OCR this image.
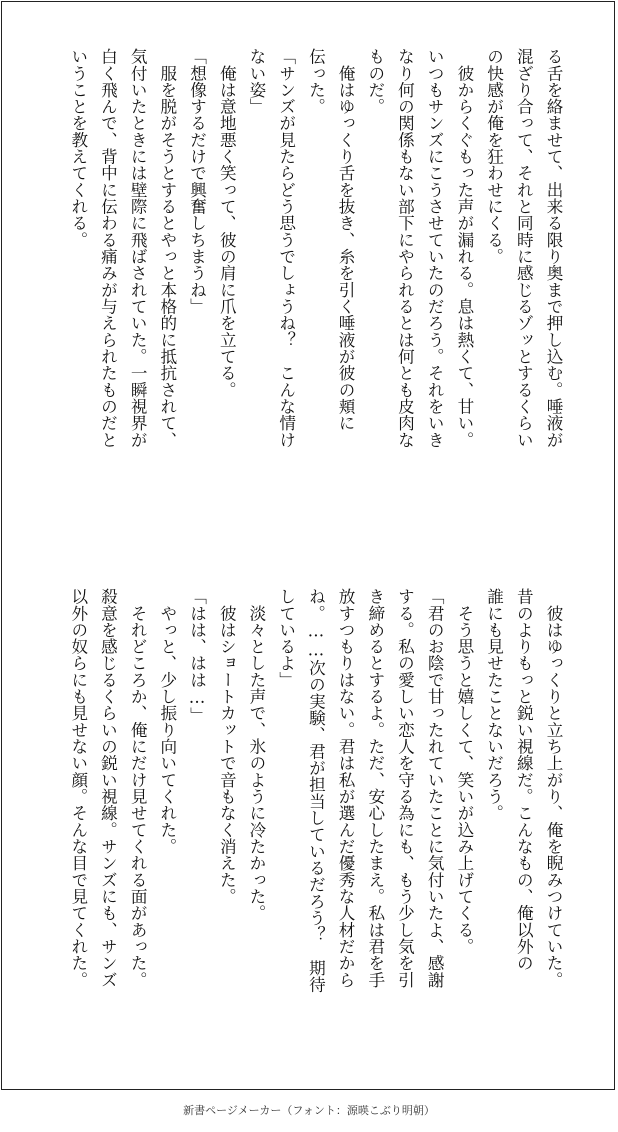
る舌を絡ませて、出来る限り奥まで押し込む。唾液が
混ざり合って、それと同時に感じるゾッとするくらい
の快感が俺を狂わせにくる。
　彼からくぐもった声が漏れる。息は熱くて、甘い。
いつもサンズにこうさせていたのだろう。それをいき
なり何の関係もない部下にやられるとは何とも皮肉な
ものだ。
　俺はゆっくり舌を抜き、糸を引く唾液が彼の頬に
伝った。
「サンズが見たらどう思うでしょうね？　こんな情け
ない姿」
　俺は意地悪く笑って、彼の肩に爪を立てる。
「想像するだけで興奮しちまうね」
　服を脱がそうとするとやっと本格的に抵抗されて、
気付いたときには壁際に飛ばされていた。一瞬視界が
白く飛んで、背中に伝わる痛みが与えられたものだと
いうことを教えてくれる。
　彼はゆっくりと立ち上がり、俺を睨みつけていた。
昔のよりもっと鋭い視線だ。こんなもの、俺以外の
誰にも見せたことないだろう。
　そう思うと嬉しくて、笑いが込み上げてくる。
「君のお陰で甘ったれていたことに気付いたよ、感謝
する。私の愛しい恋人を守る為にも、もう少し気を引
き締めるとするよ。ただ、安心したまえ。私は君を手
放すつもりはない。君は私が選んだ優秀な人材だから
ね。……次の実験、君が担当しているだろう？　期待
しているよ」
　淡々とした声で、氷のように冷たかった。
　彼はショートカットで音もなく消えた。
「はは、はは…」
　やっと、少し振り向いてくれた。
　それどころか、俺にだけ見せてくれる面があった。
殺意を感じるくらいの鋭い視線。サンズにも、サンズ
以外の奴らにも見せない顔。そんな目で見てくれた。
新書ページメーカー（フォント：源暎こぶり明朝）
